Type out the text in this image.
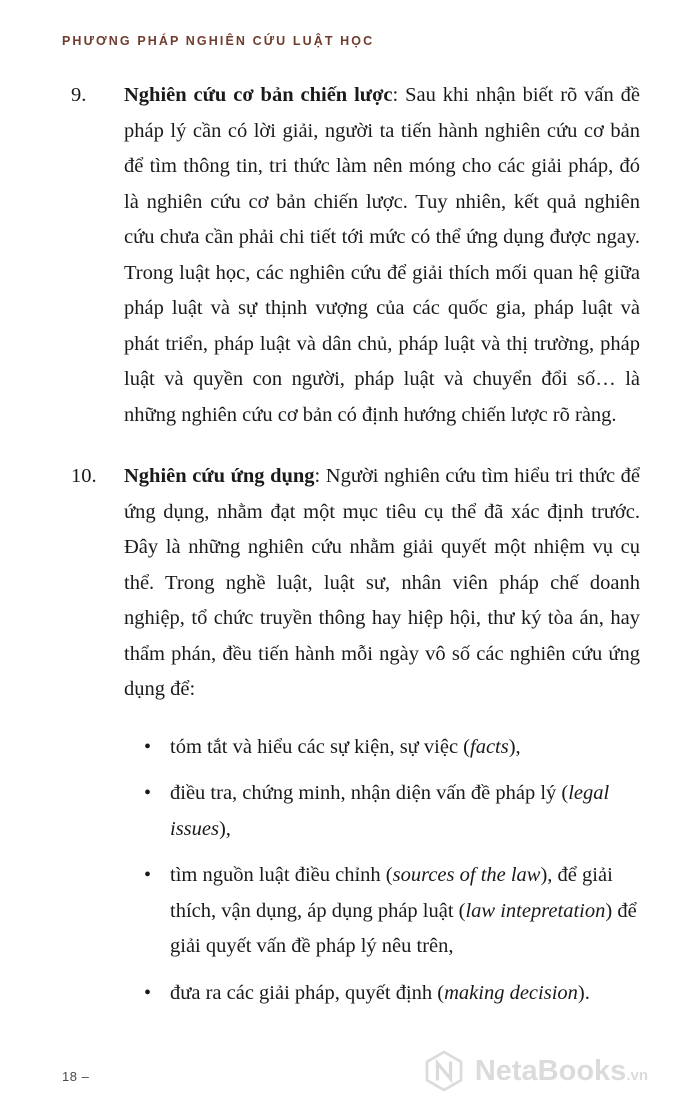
PHƯƠNG PHÁP NGHIÊN CỨU LUẬT HỌC
9.	Nghiên cứu cơ bản chiến lược: Sau khi nhận biết rõ vấn đề pháp lý cần có lời giải, người ta tiến hành nghiên cứu cơ bản để tìm thông tin, tri thức làm nên móng cho các giải pháp, đó là nghiên cứu cơ bản chiến lược. Tuy nhiên, kết quả nghiên cứu chưa cần phải chi tiết tới mức có thể ứng dụng được ngay. Trong luật học, các nghiên cứu để giải thích mối quan hệ giữa pháp luật và sự thịnh vượng của các quốc gia, pháp luật và phát triển, pháp luật và dân chủ, pháp luật và thị trường, pháp luật và quyền con người, pháp luật và chuyển đổi số… là những nghiên cứu cơ bản có định hướng chiến lược rõ ràng.
10.	Nghiên cứu ứng dụng: Người nghiên cứu tìm hiểu tri thức để ứng dụng, nhằm đạt một mục tiêu cụ thể đã xác định trước. Đây là những nghiên cứu nhằm giải quyết một nhiệm vụ cụ thể. Trong nghề luật, luật sư, nhân viên pháp chế doanh nghiệp, tổ chức truyền thông hay hiệp hội, thư ký tòa án, hay thẩm phán, đều tiến hành mỗi ngày vô số các nghiên cứu ứng dụng để:
• tóm tắt và hiểu các sự kiện, sự việc (facts),
• điều tra, chứng minh, nhận diện vấn đề pháp lý (legal issues),
• tìm nguồn luật điều chỉnh (sources of the law), để giải thích, vận dụng, áp dụng pháp luật (law intepretation) để giải quyết vấn đề pháp lý nêu trên,
• đưa ra các giải pháp, quyết định (making decision).
18 –	NetaBooks.vn
